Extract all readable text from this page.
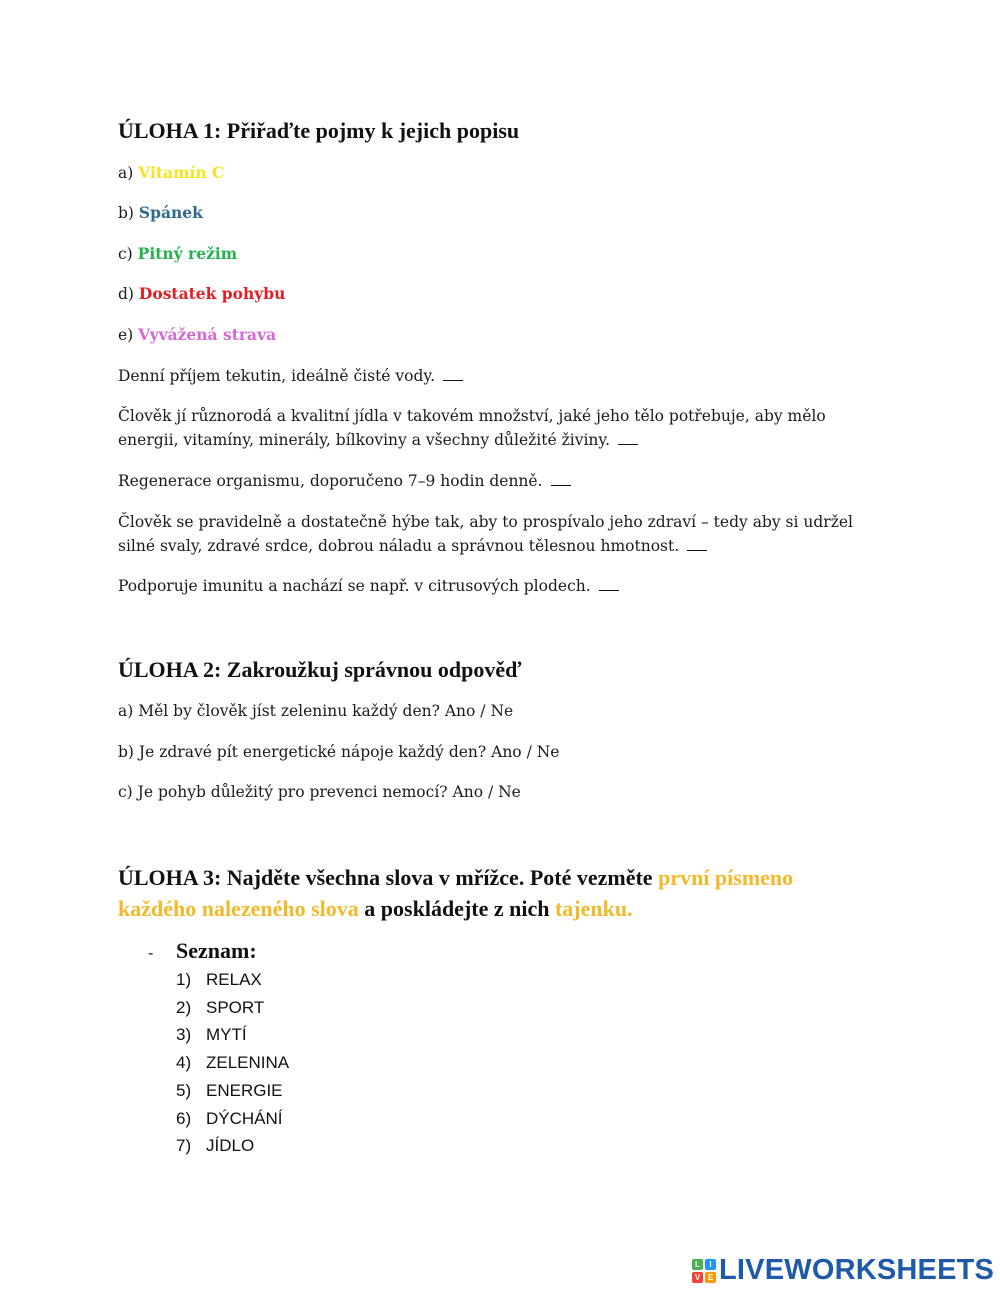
ÚLOHA 1: Přiřaďte pojmy k jejich popisu

a) Vitamín C

b) Spánek

c) Pitný režim

d) Dostatek pohybu

e) Vyvážená strava

Denní příjem tekutin, ideálně čisté vody.

Člověk jí různorodá a kvalitní jídla v takovém množství, jaké jeho tělo potřebuje, aby mělo energii, vitamíny, minerály, bílkoviny a všechny důležité živiny.

Regenerace organismu, doporučeno 7–9 hodin denně.

Člověk se pravidelně a dostatečně hýbe tak, aby to prospívalo jeho zdraví – tedy aby si udržel silné svaly, zdravé srdce, dobrou náladu a správnou tělesnou hmotnost.

Podporuje imunitu a nachází se např. v citrusových plodech.

ÚLOHA 2: Zakroužkuj správnou odpověď

a) Měl by člověk jíst zeleninu každý den? Ano / Ne

b) Je zdravé pít energetické nápoje každý den? Ano / Ne

c) Je pohyb důležitý pro prevenci nemocí? Ano / Ne

ÚLOHA 3: Najděte všechna slova v mřížce. Poté vezměte první písmeno každého nalezeného slova a poskládejte z nich tajenku.
-	Seznam:
1) RELAX
2) SPORT
3) MYTÍ
4) ZELENINA
5) ENERGIE
6) DÝCHÁNÍ
7) JÍDLO
L	I
V E LIVEWORKSHEETS
